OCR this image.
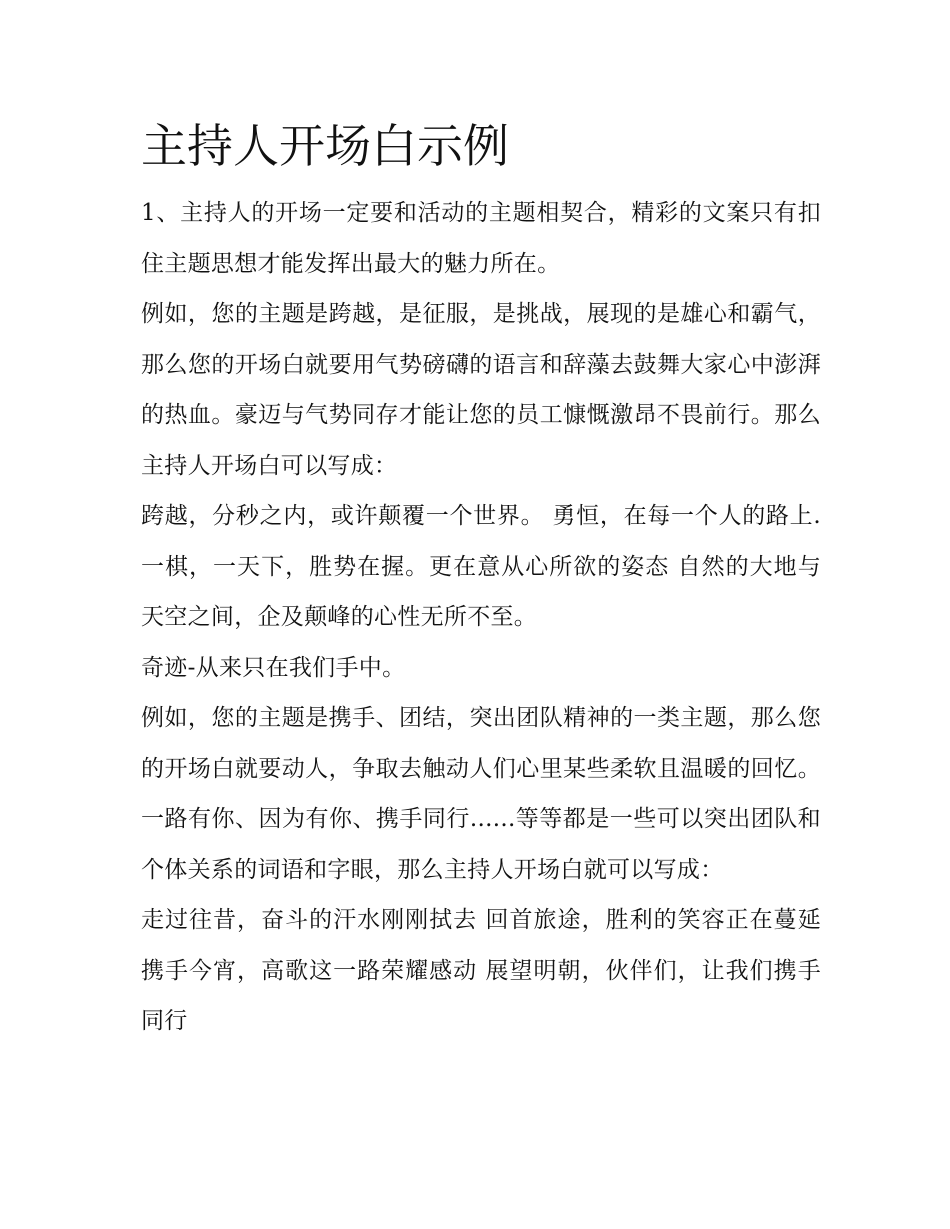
主持人开场白示例

1、主持人的开场一定要和活动的主题相契合，精彩的文案只有扣住主题思想才能发挥出最大的魅力所在。

例如，您的主题是跨越，是征服，是挑战，展现的是雄心和霸气，那么您的开场白就要用气势磅礴的语言和辞藻去鼓舞大家心中澎湃的热血。豪迈与气势同存才能让您的员工慷慨激昂不畏前行。那么主持人开场白可以写成：

跨越，分秒之内，或许颠覆一个世界。 勇恒，在每一个人的路上. 一棋，一天下，胜势在握。更在意从心所欲的姿态 自然的大地与天空之间，企及颠峰的心性无所不至。

奇迹-从来只在我们手中。

例如，您的主题是携手、团结，突出团队精神的一类主题，那么您的开场白就要动人，争取去触动人们心里某些柔软且温暖的回忆。一路有你、因为有你、携手同行......等等都是一些可以突出团队和个体关系的词语和字眼，那么主持人开场白就可以写成：

走过往昔，奋斗的汗水刚刚拭去 回首旅途，胜利的笑容正在蔓延 携手今宵，高歌这一路荣耀感动 展望明朝，伙伴们，让我们携手同行
